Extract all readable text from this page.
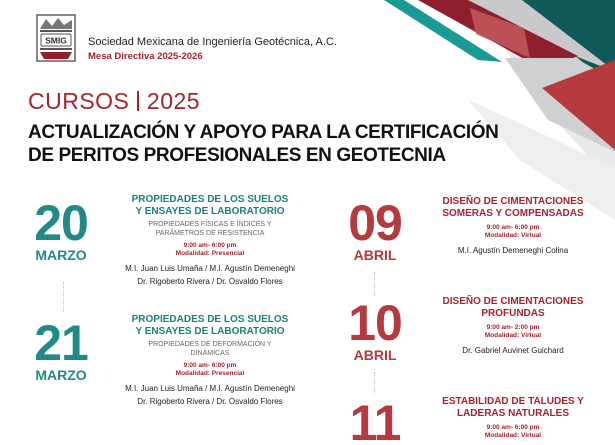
SMIG Sociedad Mexicana de Ingeniería Geotécnica, A.C.
Mesa Directiva 2025-2026
CURSOS 2025
ACTUALIZACIÓN Y APOYO PARA LA CERTIFICACIÓN
DE PERITOS PROFESIONALES EN GEOTECNIA
20
MARZO
PROPIEDADES DE LOS SUELOS
Y ENSAYES DE LABORATORIO
PROPIEDADES FÍSICAS E ÍNDICES Y
PARÁMETROS DE RESISTENCIA
9:00 am- 6:00 pm
Modalidad: Presencial
M.I. Juan Luis Umaña / M.I. Agustín Demeneghi
Dr. Rigoberto Rivera / Dr. Osvaldo Flores
21
MARZO
PROPIEDADES DE LOS SUELOS
Y ENSAYES DE LABORATORIO
PROPIEDADES DE DEFORMACIÓN Y
DINÁMICAS
9:00 am- 6:00 pm
Modalidad: Presencial
M.I. Juan Luis Umaña / M.I. Agustín Demeneghi
Dr. Rigoberto Rivera / Dr. Osvaldo Flores
09
ABRIL
DISEÑO DE CIMENTACIONES
SOMERAS Y COMPENSADAS
9:00 am- 6:00 pm
Modalidad: Virtual
M.I. Agustín Demeneghi Colina
10
ABRIL
DISEÑO DE CIMENTACIONES
PROFUNDAS
9:00 am- 2:00 pm
Modalidad: Virtual
Dr. Gabriel Auvinet Guichard
11	ESTABILIDAD DE TALUDES Y
LADERAS NATURALES
9:00 am- 6:00 pm
Modalidad: Virtual
